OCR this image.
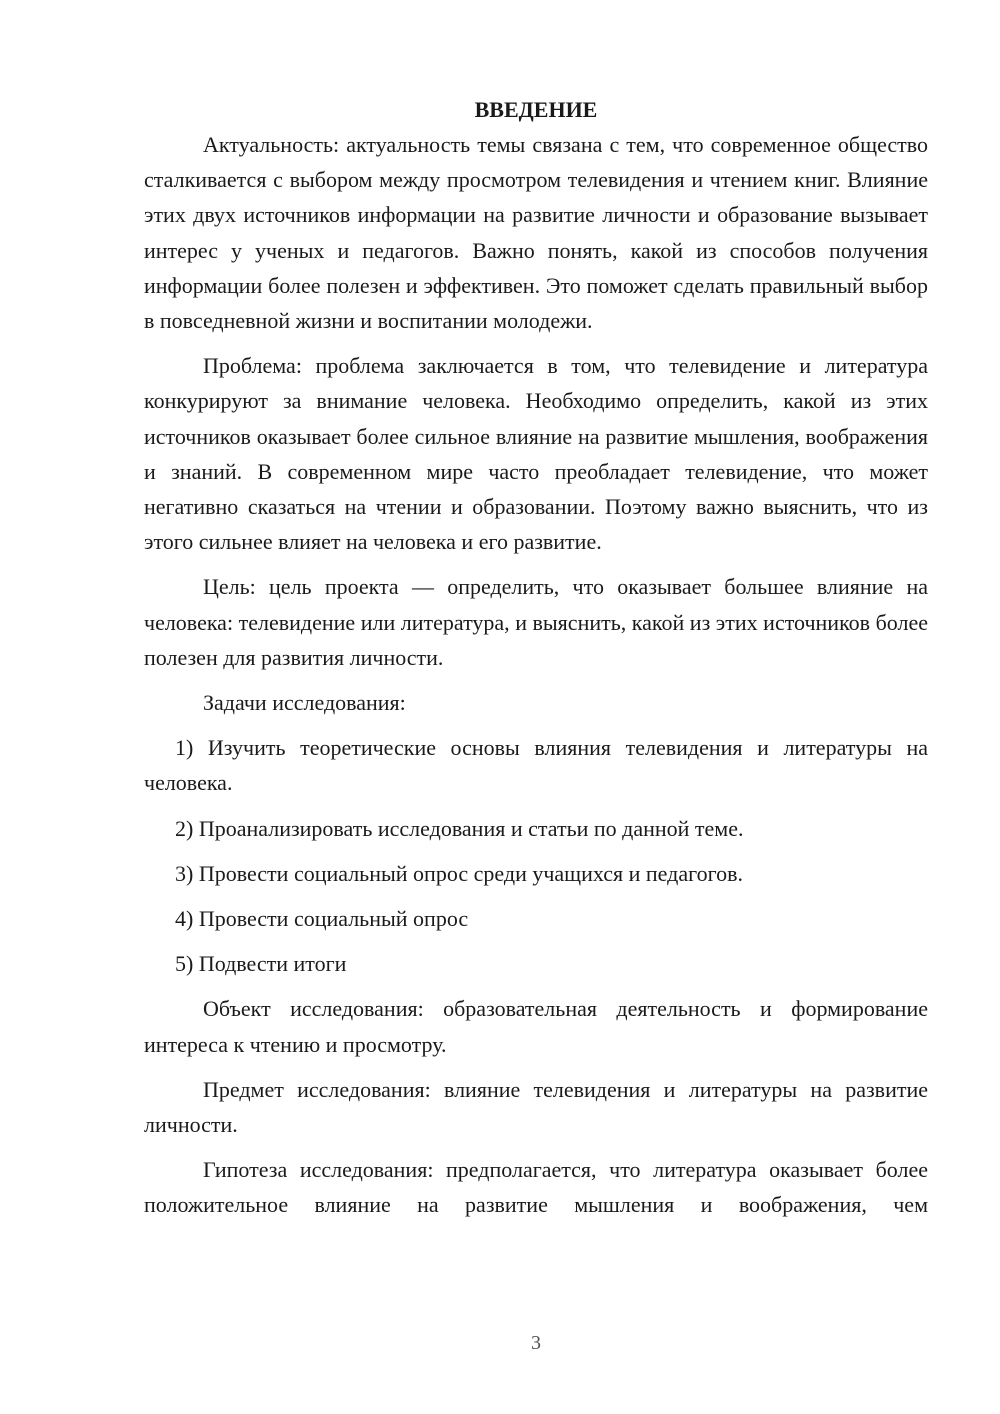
ВВЕДЕНИЕ

Актуальность: актуальность темы связана с тем, что современное общество сталкивается с выбором между просмотром телевидения и чтением книг. Влияние этих двух источников информации на развитие личности и образование вызывает интерес у ученых и педагогов. Важно понять, какой из способов получения информации более полезен и эффективен. Это поможет сделать правильный выбор в повседневной жизни и воспитании молодежи.

Проблема: проблема заключается в том, что телевидение и литература конкурируют за внимание человека. Необходимо определить, какой из этих источников оказывает более сильное влияние на развитие мышления, воображения и знаний. В современном мире часто преобладает телевидение, что может негативно сказаться на чтении и образовании. Поэтому важно выяснить, что из этого сильнее влияет на человека и его развитие.

Цель: цель проекта — определить, что оказывает большее влияние на человека: телевидение или литература, и выяснить, какой из этих источников более полезен для развития личности.

Задачи исследования:

1) Изучить теоретические основы влияния телевидения и литературы на человека.

2) Проанализировать исследования и статьи по данной теме.

3) Провести социальный опрос среди учащихся и педагогов.

4) Провести социальный опрос

5) Подвести итоги

Объект исследования: образовательная деятельность и формирование интереса к чтению и просмотру.

Предмет исследования: влияние телевидения и литературы на развитие личности.

Гипотеза исследования: предполагается, что литература оказывает более положительное влияние на развитие мышления и воображения, чем

3
